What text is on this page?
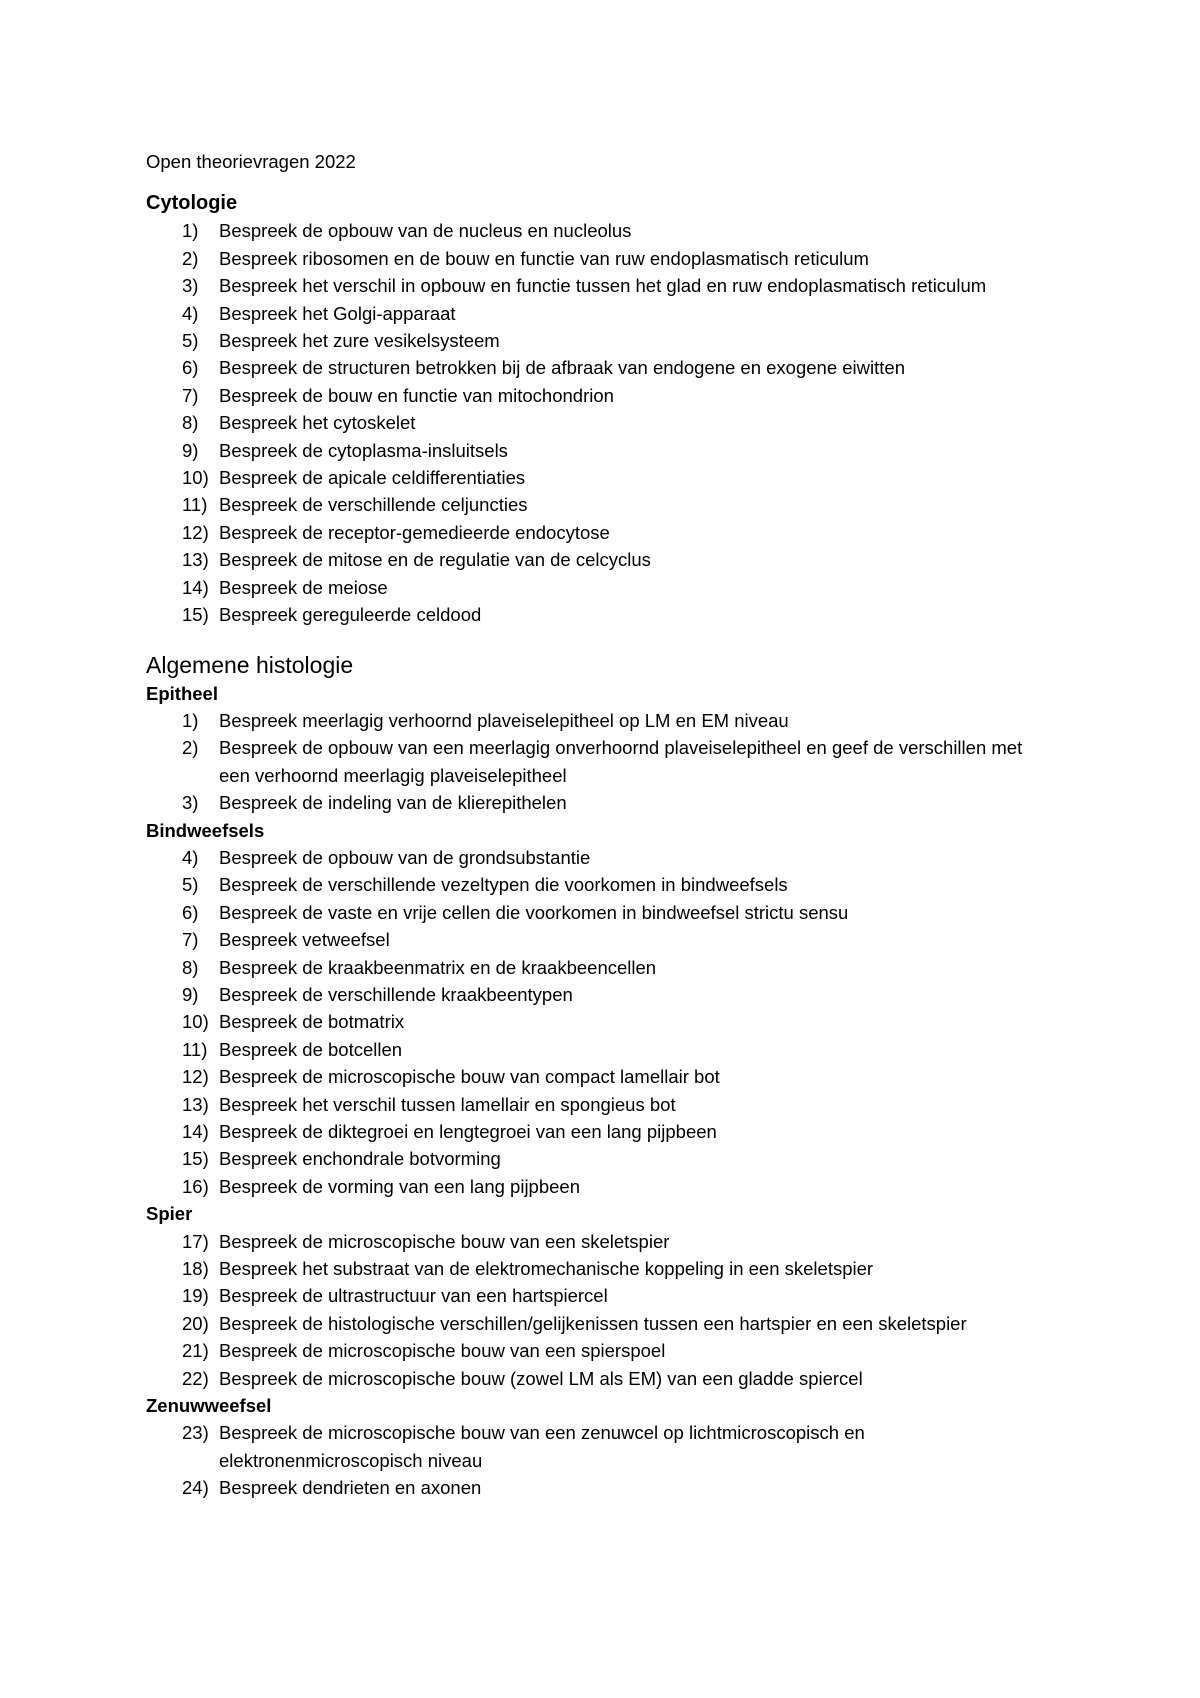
Open theorievragen 2022
Cytologie
1) Bespreek de opbouw van de nucleus en nucleolus
2) Bespreek ribosomen en de bouw en functie van ruw endoplasmatisch reticulum
3) Bespreek het verschil in opbouw en functie tussen het glad en ruw endoplasmatisch reticulum
4) Bespreek het Golgi-apparaat
5) Bespreek het zure vesikelsysteem
6) Bespreek de structuren betrokken bij de afbraak van endogene en exogene eiwitten
7) Bespreek de bouw en functie van mitochondrion
8) Bespreek het cytoskelet
9) Bespreek de cytoplasma-insluitsels
10) Bespreek de apicale celdifferentiaties
11) Bespreek de verschillende celjuncties
12) Bespreek de receptor-gemedieerde endocytose
13) Bespreek de mitose en de regulatie van de celcyclus
14) Bespreek de meiose
15) Bespreek gereguleerde celdood
Algemene histologie
Epitheel
1) Bespreek meerlagig verhoornd plaveiselepitheel op LM en EM niveau
2) Bespreek de opbouw van een meerlagig onverhoornd plaveiselepitheel en geef de verschillen met een verhoornd meerlagig plaveiselepitheel
3) Bespreek de indeling van de klierepithelen
Bindweefsels
4) Bespreek de opbouw van de grondsubstantie
5) Bespreek de verschillende vezeltypen die voorkomen in bindweefsels
6) Bespreek de vaste en vrije cellen die voorkomen in bindweefsel strictu sensu
7) Bespreek vetweefsel
8) Bespreek de kraakbeenmatrix en de kraakbeencellen
9) Bespreek de verschillende kraakbeentypen
10) Bespreek de botmatrix
11) Bespreek de botcellen
12) Bespreek de microscopische bouw van compact lamellair bot
13) Bespreek het verschil tussen lamellair en spongieus bot
14) Bespreek de diktegroei en lengtegroei van een lang pijpbeen
15) Bespreek enchondrale botvorming
16) Bespreek de vorming van een lang pijpbeen
Spier
17) Bespreek de microscopische bouw van een skeletspier
18) Bespreek het substraat van de elektromechanische koppeling in een skeletspier
19) Bespreek de ultrastructuur van een hartspiercel
20) Bespreek de histologische verschillen/gelijkenissen tussen een hartspier en een skeletspier
21) Bespreek de microscopische bouw van een spierspoel
22) Bespreek de microscopische bouw (zowel LM als EM) van een gladde spiercel
Zenuwweefsel
23) Bespreek de microscopische bouw van een zenuwcel op lichtmicroscopisch en elektronenmicroscopisch niveau
24) Bespreek dendrieten en axonen
